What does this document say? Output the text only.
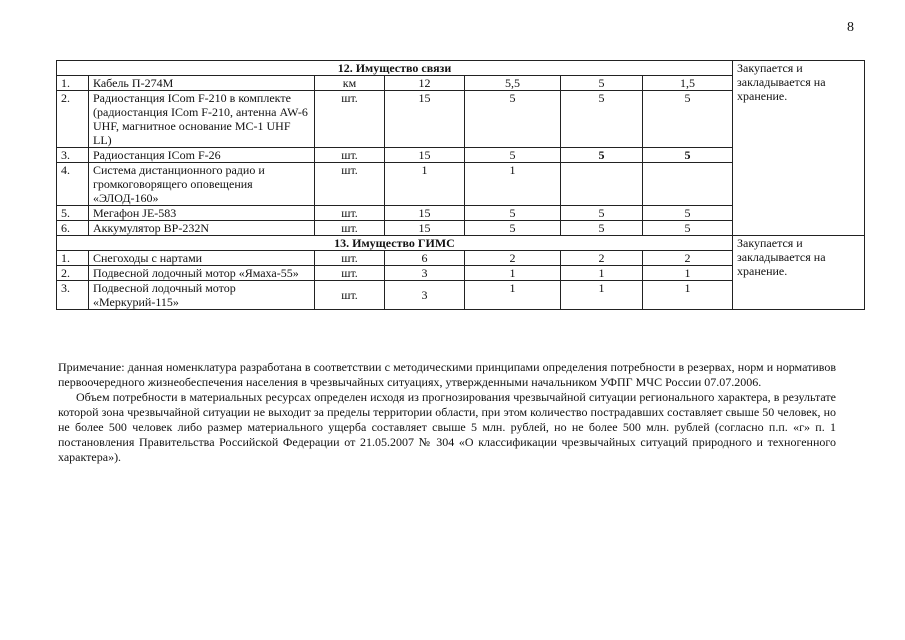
8
12. Имущество связи							Закупается и закладывается на хранение.
1.	Кабель П-274М	км	12	5,5	5	1,5	
2.	Радиостанция ICom F-210 в комплекте (радиостанция ICom F-210, антенна AW-6 UHF, магнитное основание MC-1 UHF LL)	шт.	15	5	5	5	
3.	Радиостанция ICom F-26	шт.	15	5	5	5	
4.	Система дистанционного радио и громкоговорящего оповещения «ЭЛОД-160»	шт.	1	1			
5.	Мегафон JE-583	шт.	15	5	5	5	
6.	Аккумулятор BP-232N	шт.	15	5	5	5	
13. Имущество ГИМС							Закупается и закладывается на хранение.
1.	Снегоходы с нартами	шт.	6	2	2	2	
2.	Подвесной лодочный мотор «Ямаха-55»	шт.	3	1	1	1	
3.	Подвесной лодочный мотор «Меркурий-115»	шт.	3	1	1	1	

Примечание: данная номенклатура разработана в соответствии с методическими принципами определения потребности в резервах, норм и нормативов первоочередного жизнеобеспечения населения в чрезвычайных ситуациях, утвержденными начальником УФПГ МЧС России 07.07.2006.

Объем потребности в материальных ресурсах определен исходя из прогнозирования чрезвычайной ситуации регионального характера, в результате которой зона чрезвычайной ситуации не выходит за пределы территории области, при этом количество пострадавших составляет свыше 50 человек, но не более 500 человек либо размер материального ущерба составляет свыше 5 млн. рублей, но не более 500 млн. рублей (согласно п.п. «г» п. 1 постановления Правительства Российской Федерации от 21.05.2007 № 304 «О классификации чрезвычайных ситуаций природного и техногенного характера»).
